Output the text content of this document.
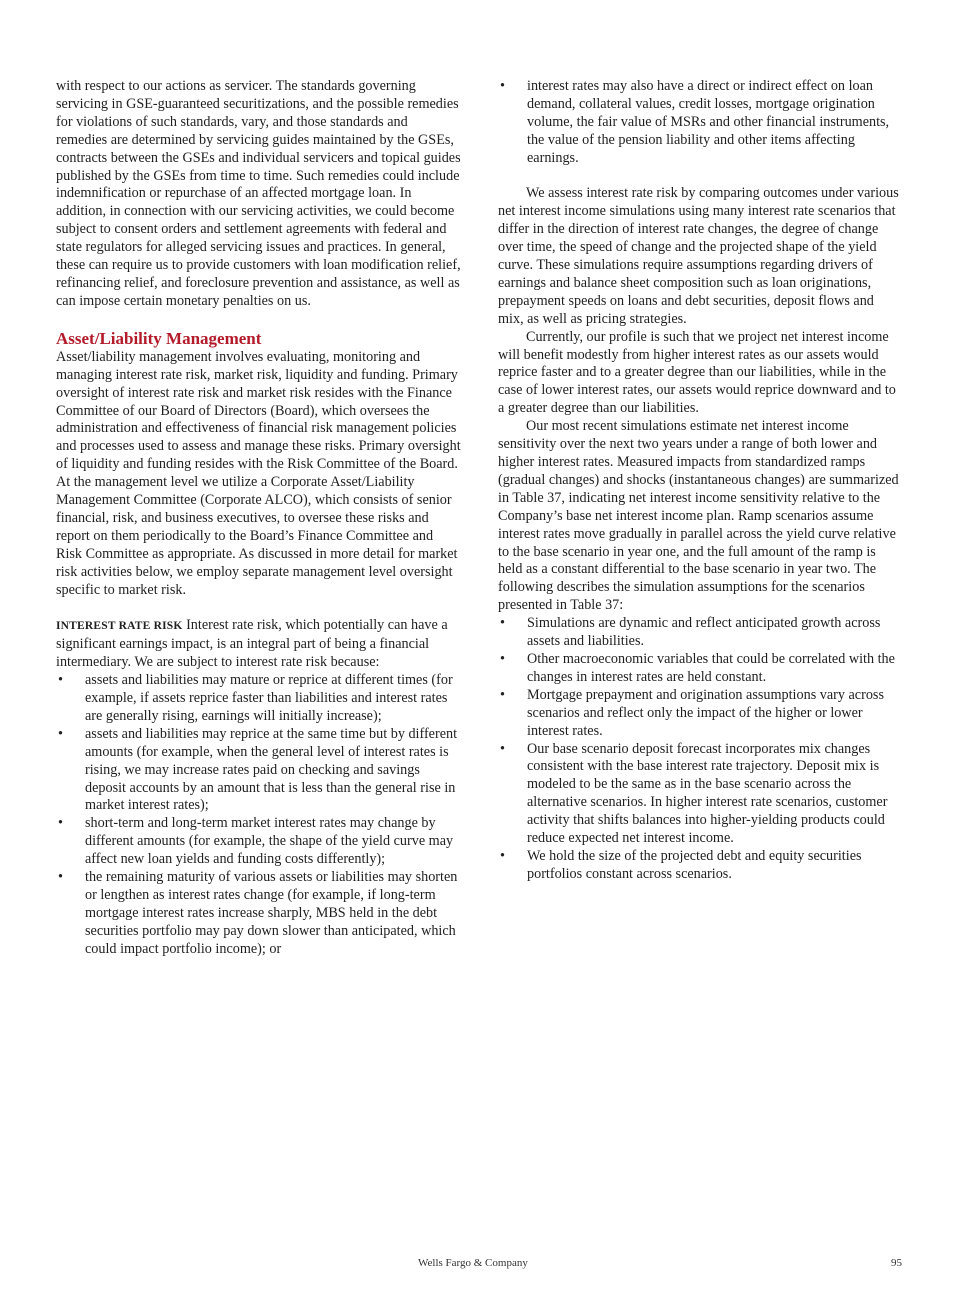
with respect to our actions as servicer. The standards governing servicing in GSE-guaranteed securitizations, and the possible remedies for violations of such standards, vary, and those standards and remedies are determined by servicing guides maintained by the GSEs, contracts between the GSEs and individual servicers and topical guides published by the GSEs from time to time. Such remedies could include indemnification or repurchase of an affected mortgage loan. In addition, in connection with our servicing activities, we could become subject to consent orders and settlement agreements with federal and state regulators for alleged servicing issues and practices. In general, these can require us to provide customers with loan modification relief, refinancing relief, and foreclosure prevention and assistance, as well as can impose certain monetary penalties on us.

Asset/Liability Management

Asset/liability management involves evaluating, monitoring and managing interest rate risk, market risk, liquidity and funding. Primary oversight of interest rate risk and market risk resides with the Finance Committee of our Board of Directors (Board), which oversees the administration and effectiveness of financial risk management policies and processes used to assess and manage these risks. Primary oversight of liquidity and funding resides with the Risk Committee of the Board. At the management level we utilize a Corporate Asset/Liability Management Committee (Corporate ALCO), which consists of senior financial, risk, and business executives, to oversee these risks and report on them periodically to the Board’s Finance Committee and Risk Committee as appropriate. As discussed in more detail for market risk activities below, we employ separate management level oversight specific to market risk.

INTEREST RATE RISK Interest rate risk, which potentially can have a significant earnings impact, is an integral part of being a financial intermediary. We are subject to interest rate risk because:

• assets and liabilities may mature or reprice at different times (for example, if assets reprice faster than liabilities and interest rates are generally rising, earnings will initially increase);
• assets and liabilities may reprice at the same time but by different amounts (for example, when the general level of interest rates is rising, we may increase rates paid on checking and savings deposit accounts by an amount that is less than the general rise in market interest rates);
• short-term and long-term market interest rates may change by different amounts (for example, the shape of the yield curve may affect new loan yields and funding costs differently);
• the remaining maturity of various assets or liabilities may shorten or lengthen as interest rates change (for example, if long-term mortgage interest rates increase sharply, MBS held in the debt securities portfolio may pay down slower than anticipated, which could impact portfolio income); or
• interest rates may also have a direct or indirect effect on loan demand, collateral values, credit losses, mortgage origination volume, the fair value of MSRs and other financial instruments, the value of the pension liability and other items affecting earnings.

We assess interest rate risk by comparing outcomes under various net interest income simulations using many interest rate scenarios that differ in the direction of interest rate changes, the degree of change over time, the speed of change and the projected shape of the yield curve. These simulations require assumptions regarding drivers of earnings and balance sheet composition such as loan originations, prepayment speeds on loans and debt securities, deposit flows and mix, as well as pricing strategies.

Currently, our profile is such that we project net interest income will benefit modestly from higher interest rates as our assets would reprice faster and to a greater degree than our liabilities, while in the case of lower interest rates, our assets would reprice downward and to a greater degree than our liabilities.

Our most recent simulations estimate net interest income sensitivity over the next two years under a range of both lower and higher interest rates. Measured impacts from standardized ramps (gradual changes) and shocks (instantaneous changes) are summarized in Table 37, indicating net interest income sensitivity relative to the Company’s base net interest income plan. Ramp scenarios assume interest rates move gradually in parallel across the yield curve relative to the base scenario in year one, and the full amount of the ramp is held as a constant differential to the base scenario in year two. The following describes the simulation assumptions for the scenarios presented in Table 37:

• Simulations are dynamic and reflect anticipated growth across assets and liabilities.
• Other macroeconomic variables that could be correlated with the changes in interest rates are held constant.
• Mortgage prepayment and origination assumptions vary across scenarios and reflect only the impact of the higher or lower interest rates.
• Our base scenario deposit forecast incorporates mix changes consistent with the base interest rate trajectory. Deposit mix is modeled to be the same as in the base scenario across the alternative scenarios. In higher interest rate scenarios, customer activity that shifts balances into higher-yielding products could reduce expected net interest income.
• We hold the size of the projected debt and equity securities portfolios constant across scenarios.
Wells Fargo & Company	95
